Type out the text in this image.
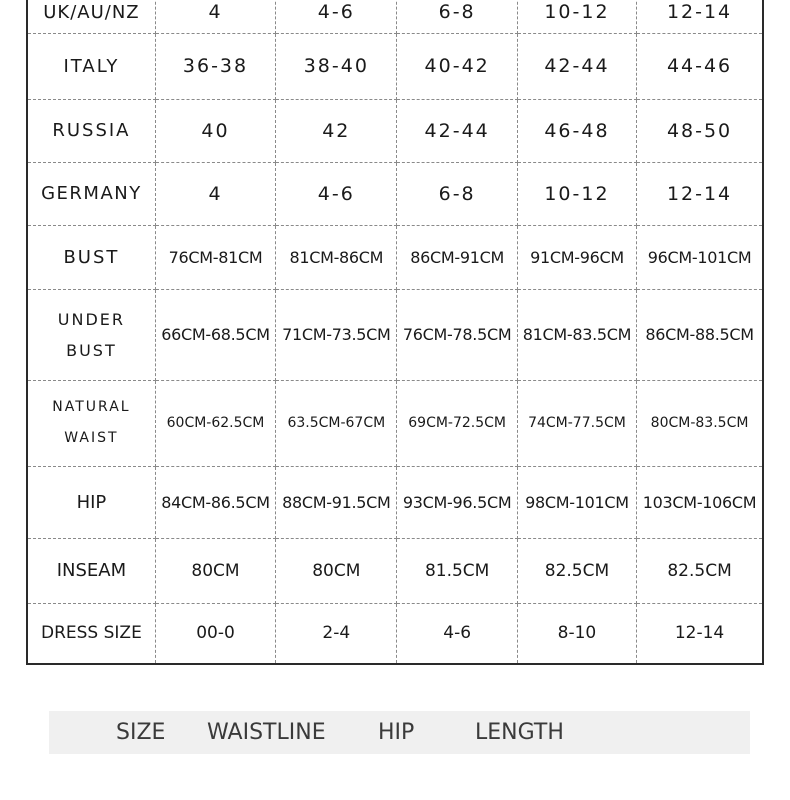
UK/AU/NZ	4	4-6	6-8	10-12	12-14
ITALY	36-38	38-40	40-42	42-44	44-46
RUSSIA	40	42	42-44	46-48	48-50
GERMANY	4	4-6	6-8	10-12	12-14
BUST	76CM-81CM	81CM-86CM	86CM-91CM	91CM-96CM	96CM-101CM

UNDER
BUST	66CM-68.5CM	71CM-73.5CM	76CM-78.5CM	81CM-83.5CM	86CM-88.5CM

NATURAL
WAIST	60CM-62.5CM	63.5CM-67CM	69CM-72.5CM	74CM-77.5CM	80CM-83.5CM
HIP	84CM-86.5CM	88CM-91.5CM	93CM-96.5CM	98CM-101CM	103CM-106CM
INSEAM	80CM	80CM	81.5CM	82.5CM	82.5CM
DRESS SIZE	00-0	2-4	4-6	8-10	12-14
SIZE WAISTLINE HIP	LENGTH
